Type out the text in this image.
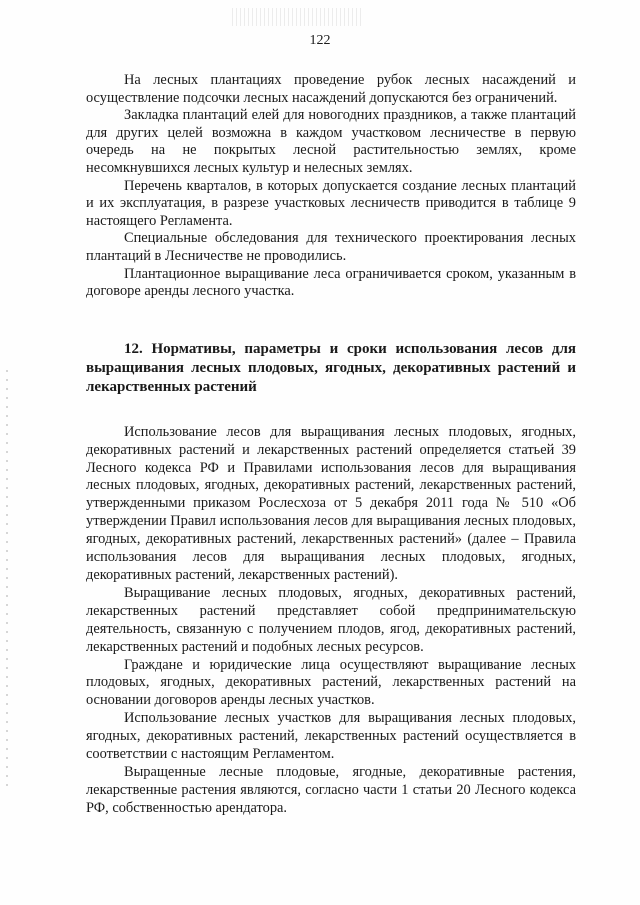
122

На лесных плантациях проведение рубок лесных насаждений и осуществление подсочки лесных насаждений допускаются без ограничений.

Закладка плантаций елей для новогодних праздников, а также плантаций для других целей возможна в каждом участковом лесничестве в первую очередь на не покрытых лесной растительностью землях, кроме несомкнувшихся лесных культур и нелесных землях.

Перечень кварталов, в которых допускается создание лесных плантаций и их эксплуатация, в разрезе участковых лесничеств приводится в таблице 9 настоящего Регламента.

Специальные обследования для технического проектирования лесных плантаций в Лесничестве не проводились.

Плантационное выращивание леса ограничивается сроком, указанным в договоре аренды лесного участка.

12. Нормативы, параметры и сроки использования лесов для выращивания лесных плодовых, ягодных, декоративных растений и лекарственных растений

Использование лесов для выращивания лесных плодовых, ягодных, декоративных растений и лекарственных растений определяется статьей 39 Лесного кодекса РФ и Правилами использования лесов для выращивания лесных плодовых, ягодных, декоративных растений, лекарственных растений, утвержденными приказом Рослесхоза от 5 декабря 2011 года № 510 «Об утверждении Правил использования лесов для выращивания лесных плодовых, ягодных, декоративных растений, лекарственных растений» (далее – Правила использования лесов для выращивания лесных плодовых, ягодных, декоративных растений, лекарственных растений).

Выращивание лесных плодовых, ягодных, декоративных растений, лекарственных растений представляет собой предпринимательскую деятельность, связанную с получением плодов, ягод, декоративных растений, лекарственных растений и подобных лесных ресурсов.

Граждане и юридические лица осуществляют выращивание лесных плодовых, ягодных, декоративных растений, лекарственных растений на основании договоров аренды лесных участков.

Использование лесных участков для выращивания лесных плодовых, ягодных, декоративных растений, лекарственных растений осуществляется в соответствии с настоящим Регламентом.

Выращенные лесные плодовые, ягодные, декоративные растения, лекарственные растения являются, согласно части 1 статьи 20 Лесного кодекса РФ, собственностью арендатора.
